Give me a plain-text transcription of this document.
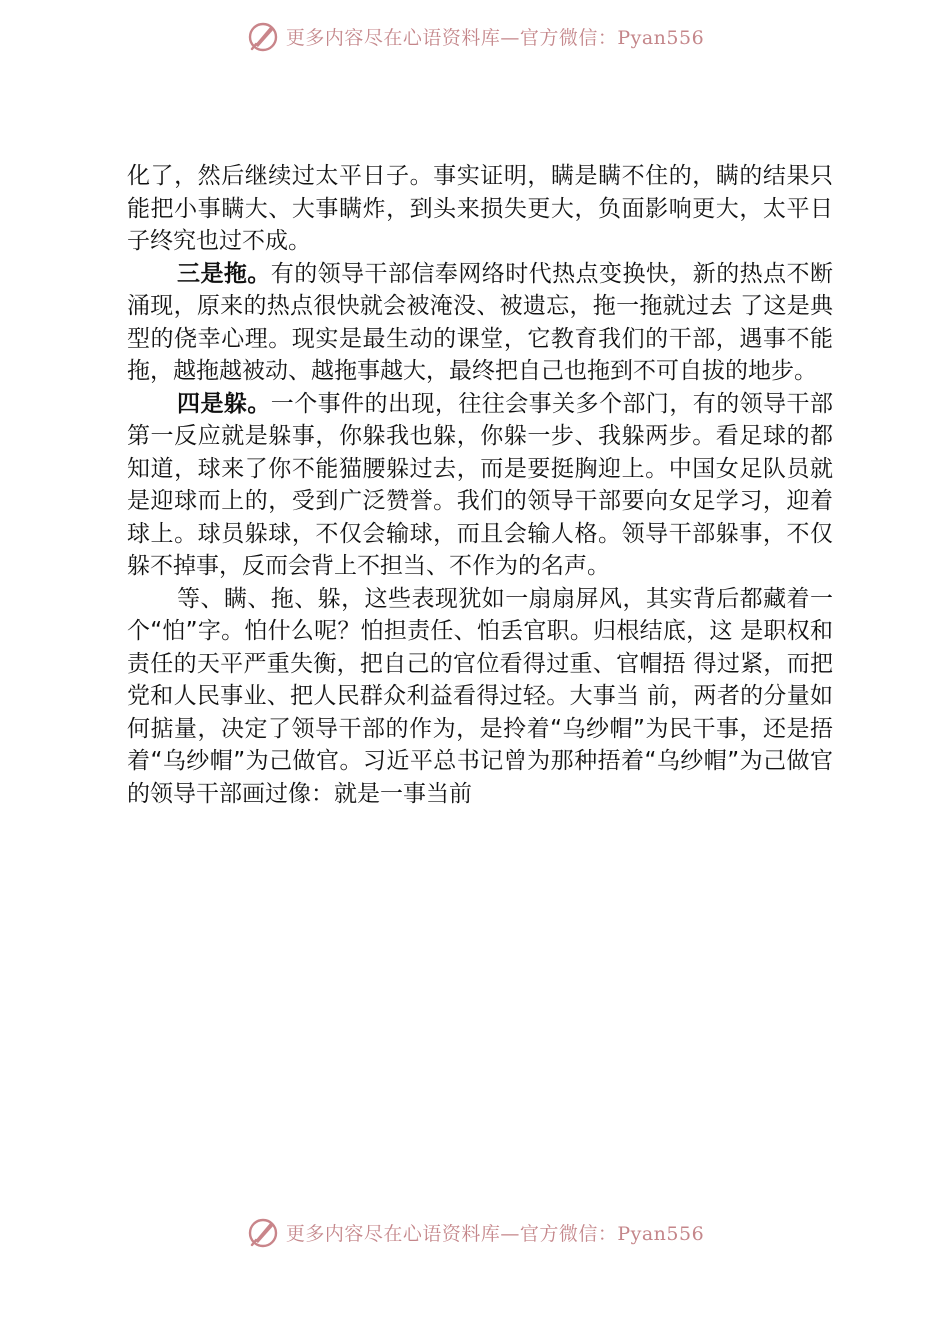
更多内容尽在心语资料库—官方微信：Pyan556

化了，然后继续过太平日子。事实证明，瞒是瞒不住的，瞒的结果只能把小事瞒大、大事瞒炸，到头来损失更大，负面影响更大，太平日子终究也过不成。

三是拖。有的领导干部信奉网络时代热点变换快，新的热点不断涌现，原来的热点很快就会被淹没、被遗忘，拖一拖就过去 了这是典型的侥幸心理。现实是最生动的课堂，它教育我们的干部，遇事不能拖，越拖越被动、越拖事越大，最终把自己也拖到不可自拔的地步。

四是躲。一个事件的出现，往往会事关多个部门，有的领导干部第一反应就是躲事，你躲我也躲，你躲一步、我躲两步。看足球的都知道，球来了你不能猫腰躲过去，而是要挺胸迎上。中国女足队员就是迎球而上的，受到广泛赞誉。我们的领导干部要向女足学习，迎着球上。球员躲球，不仅会输球，而且会输人格。领导干部躲事，不仅躲不掉事，反而会背上不担当、不作为的名声。

等、瞒、拖、躲，这些表现犹如一扇扇屏风，其实背后都藏着一个“怕”字。怕什么呢？怕担责任、怕丢官职。归根结底，这 是职权和责任的天平严重失衡，把自己的官位看得过重、官帽捂 得过紧，而把党和人民事业、把人民群众利益看得过轻。大事当 前，两者的分量如何掂量，决定了领导干部的作为，是拎着“乌纱帽”为民干事，还是捂着“乌纱帽”为己做官。习近平总书记曾为那种捂着“乌纱帽”为己做官的领导干部画过像：就是一事当前

更多内容尽在心语资料库—官方微信：Pyan556
